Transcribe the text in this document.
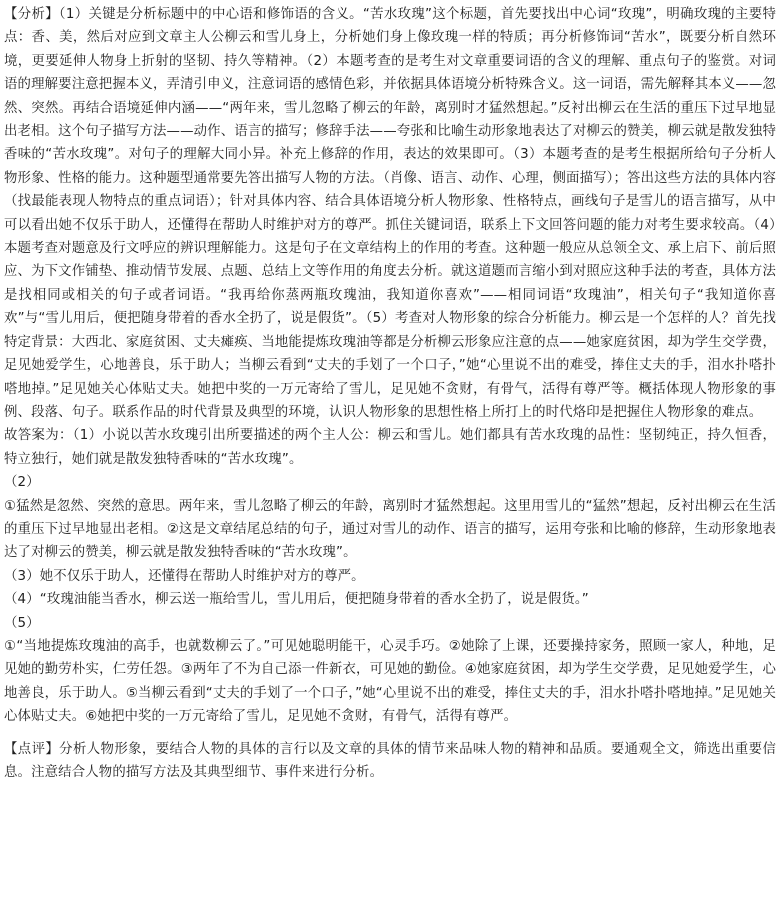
【分析】（1）关键是分析标题中的中心语和修饰语的含义。“苦水玫瑰”这个标题，首先要找出中心词“玫瑰”，明确玫瑰的主要特点：香、美，然后对应到文章主人公柳云和雪儿身上，分析她们身上像玫瑰一样的特质；再分析修饰词“苦水”，既要分析自然环境，更要延伸人物身上折射的坚韧、持久等精神。（2）本题考查的是考生对文章重要词语的含义的理解、重点句子的鉴赏。对词语的理解要注意把握本义，弄清引申义，注意词语的感情色彩，并依据具体语境分析特殊含义。这一词语，需先解释其本义——忽然、突然。再结合语境延伸内涵——“两年来，雪儿忽略了柳云的年龄，离别时才猛然想起。”反衬出柳云在生活的重压下过早地显出老相。这个句子描写方法——动作、语言的描写；修辞手法——夸张和比喻生动形象地表达了对柳云的赞美，柳云就是散发独特香味的“苦水玫瑰”。对句子的理解大同小异。补充上修辞的作用，表达的效果即可。（3）本题考查的是考生根据所给句子分析人物形象、性格的能力。这种题型通常要先答出描写人物的方法。（肖像、语言、动作、心理，侧面描写）；答出这些方法的具体内容（找最能表现人物特点的重点词语）；针对具体内容、结合具体语境分析人物形象、性格特点，画线句子是雪儿的语言描写，从中可以看出她不仅乐于助人，还懂得在帮助人时维护对方的尊严。抓住关键词语，联系上下文回答问题的能力对考生要求较高。（4）本题考查对题意及行文呼应的辨识理解能力。这是句子在文章结构上的作用的考查。这种题一般应从总领全文、承上启下、前后照应、为下文作铺垫、推动情节发展、点题、总结上文等作用的角度去分析。就这道题而言缩小到对照应这种手法的考查，具体方法是找相同或相关的句子或者词语。“我再给你蒸两瓶玫瑰油，我知道你喜欢”——相同词语“玫瑰油”，相关句子“我知道你喜欢”与“雪儿用后，便把随身带着的香水全扔了，说是假货”。（5）考查对人物形象的综合分析能力。柳云是一个怎样的人？首先找特定背景：大西北、家庭贫困、丈夫瘫痪、当地能提炼玫瑰油等都是分析柳云形象应注意的点——她家庭贫困，却为学生交学费，足见她爱学生，心地善良，乐于助人；当柳云看到“丈夫的手划了一个口子，”她“心里说不出的难受，捧住丈夫的手，泪水扑嗒扑嗒地掉。”足见她关心体贴丈夫。她把中奖的一万元寄给了雪儿，足见她不贪财，有骨气，活得有尊严等。概括体现人物形象的事例、段落、句子。联系作品的时代背景及典型的环境，认识人物形象的思想性格上所打上的时代烙印是把握住人物形象的难点。

故答案为：（1）小说以苦水玫瑰引出所要描述的两个主人公：柳云和雪儿。她们都具有苦水玫瑰的品性：坚韧纯正，持久恒香，特立独行，她们就是散发独特香味的“苦水玫瑰”。

（2）

①猛然是忽然、突然的意思。两年来，雪儿忽略了柳云的年龄，离别时才猛然想起。这里用雪儿的“猛然”想起，反衬出柳云在生活的重压下过早地显出老相。②这是文章结尾总结的句子，通过对雪儿的动作、语言的描写，运用夸张和比喻的修辞，生动形象地表达了对柳云的赞美，柳云就是散发独特香味的“苦水玫瑰”。

（3）她不仅乐于助人，还懂得在帮助人时维护对方的尊严。

（4）“玫瑰油能当香水，柳云送一瓶给雪儿，雪儿用后，便把随身带着的香水全扔了，说是假货。”

（5）

①“当地提炼玫瑰油的高手，也就数柳云了。”可见她聪明能干，心灵手巧。②她除了上课，还要操持家务，照顾一家人，种地，足见她的勤劳朴实，仁劳任怨。③两年了不为自己添一件新衣，可见她的勤俭。④她家庭贫困，却为学生交学费，足见她爱学生，心地善良，乐于助人。⑤当柳云看到“丈夫的手划了一个口子，”她“心里说不出的难受，捧住丈夫的手，泪水扑嗒扑嗒地掉。”足见她关心体贴丈夫。⑥她把中奖的一万元寄给了雪儿，足见她不贪财，有骨气，活得有尊严。

【点评】分析人物形象，要结合人物的具体的言行以及文章的具体的情节来品味人物的精神和品质。要通观全文，筛选出重要信息。注意结合人物的描写方法及其典型细节、事件来进行分析。
